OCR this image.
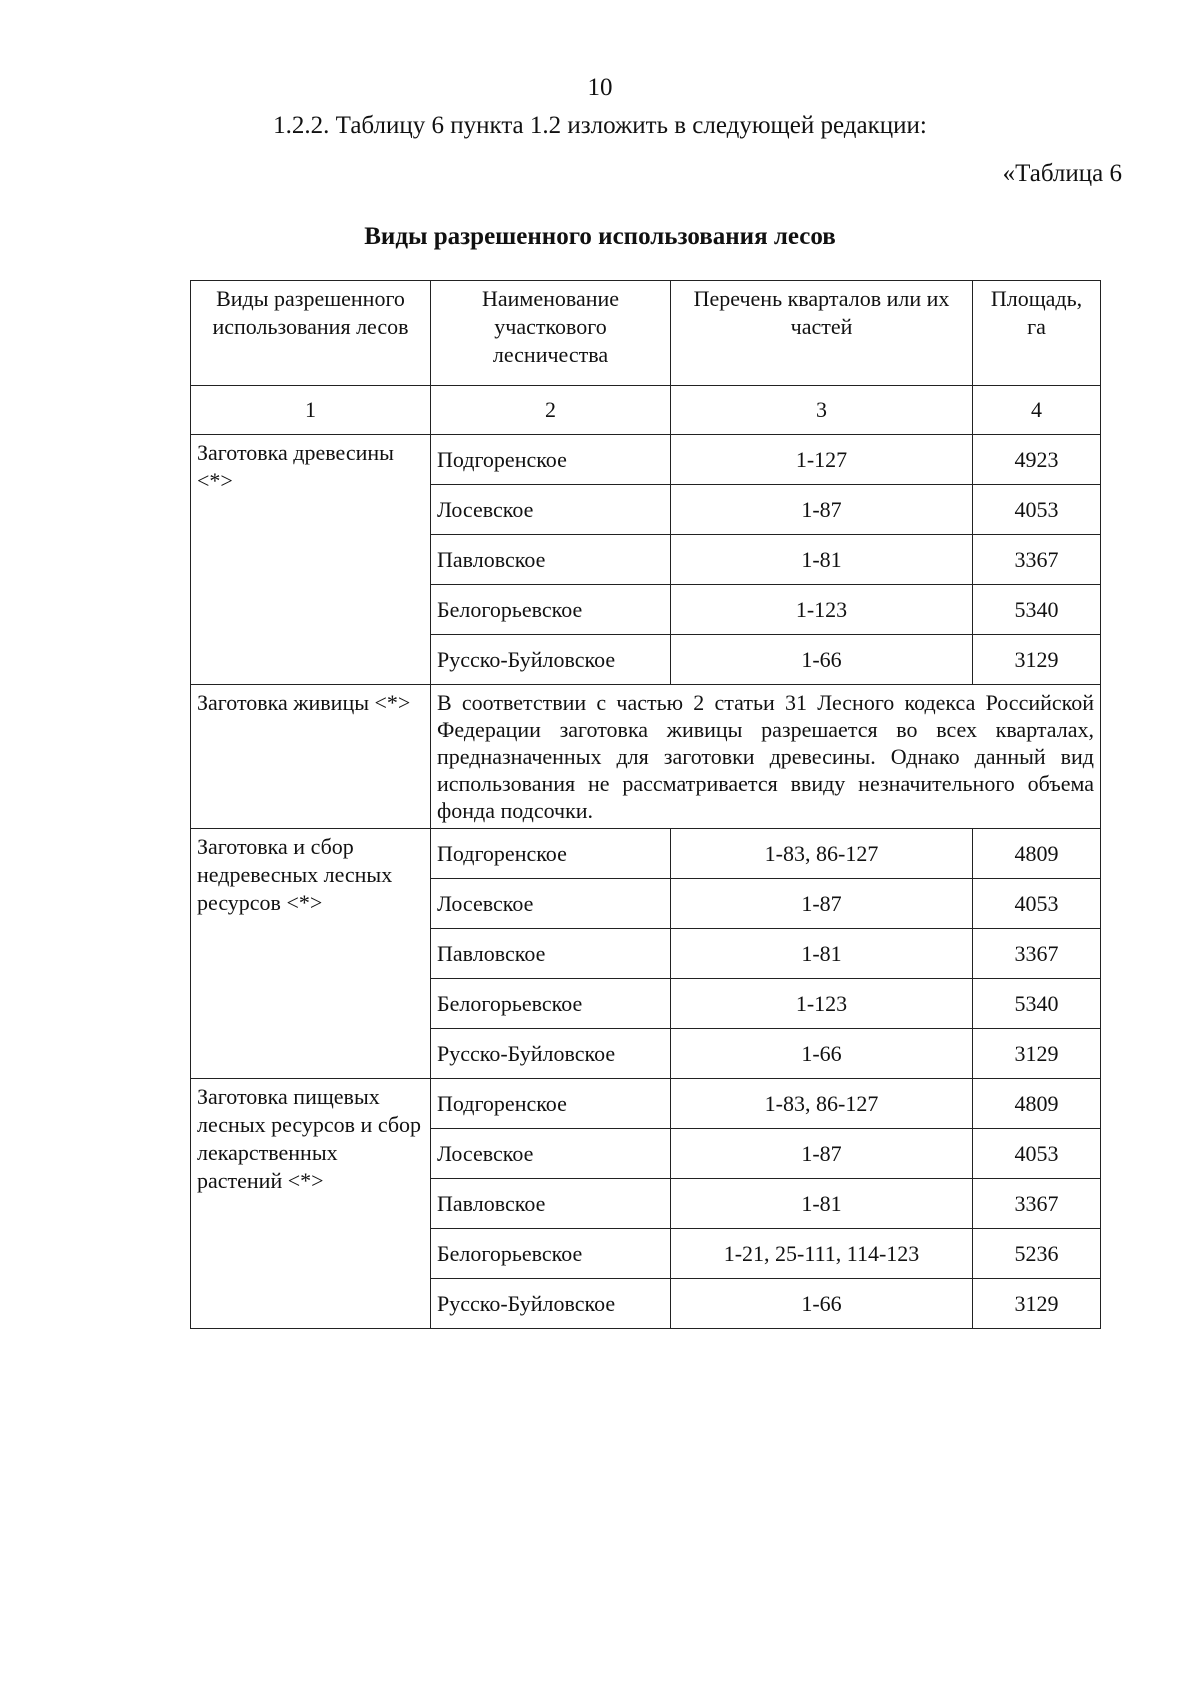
10
1.2.2. Таблицу 6 пункта 1.2 изложить в следующей редакции:
«Таблица 6
Виды разрешенного использования лесов
Виды разрешенного использования лесов	Наименование участкового лесничества	Перечень кварталов или их частей	Площадь, га
1	2	3	4
Заготовка древесины <*>	Подгоренское	1-127	4923
	Лосевское	1-87	4053
	Павловское	1-81	3367
	Белогорьевское	1-123	5340
	Русско-Буйловское	1-66	3129
Заготовка живицы <*>	В соответствии с частью 2 статьи 31 Лесного кодекса Российской Федерации заготовка живицы разрешается во всех кварталах, предназначенных для заготовки древесины. Однако данный вид использования не рассматривается ввиду незначительного объема фонда подсочки.		
Заготовка и сбор недревесных лесных ресурсов <*>	Подгоренское	1-83, 86-127	4809
	Лосевское	1-87	4053
	Павловское	1-81	3367
	Белогорьевское	1-123	5340
	Русско-Буйловское	1-66	3129
Заготовка пищевых лесных ресурсов и сбор лекарственных растений <*>	Подгоренское	1-83, 86-127	4809
	Лосевское	1-87	4053
	Павловское	1-81	3367
	Белогорьевское	1-21, 25-111, 114-123	5236
	Русско-Буйловское	1-66	3129
